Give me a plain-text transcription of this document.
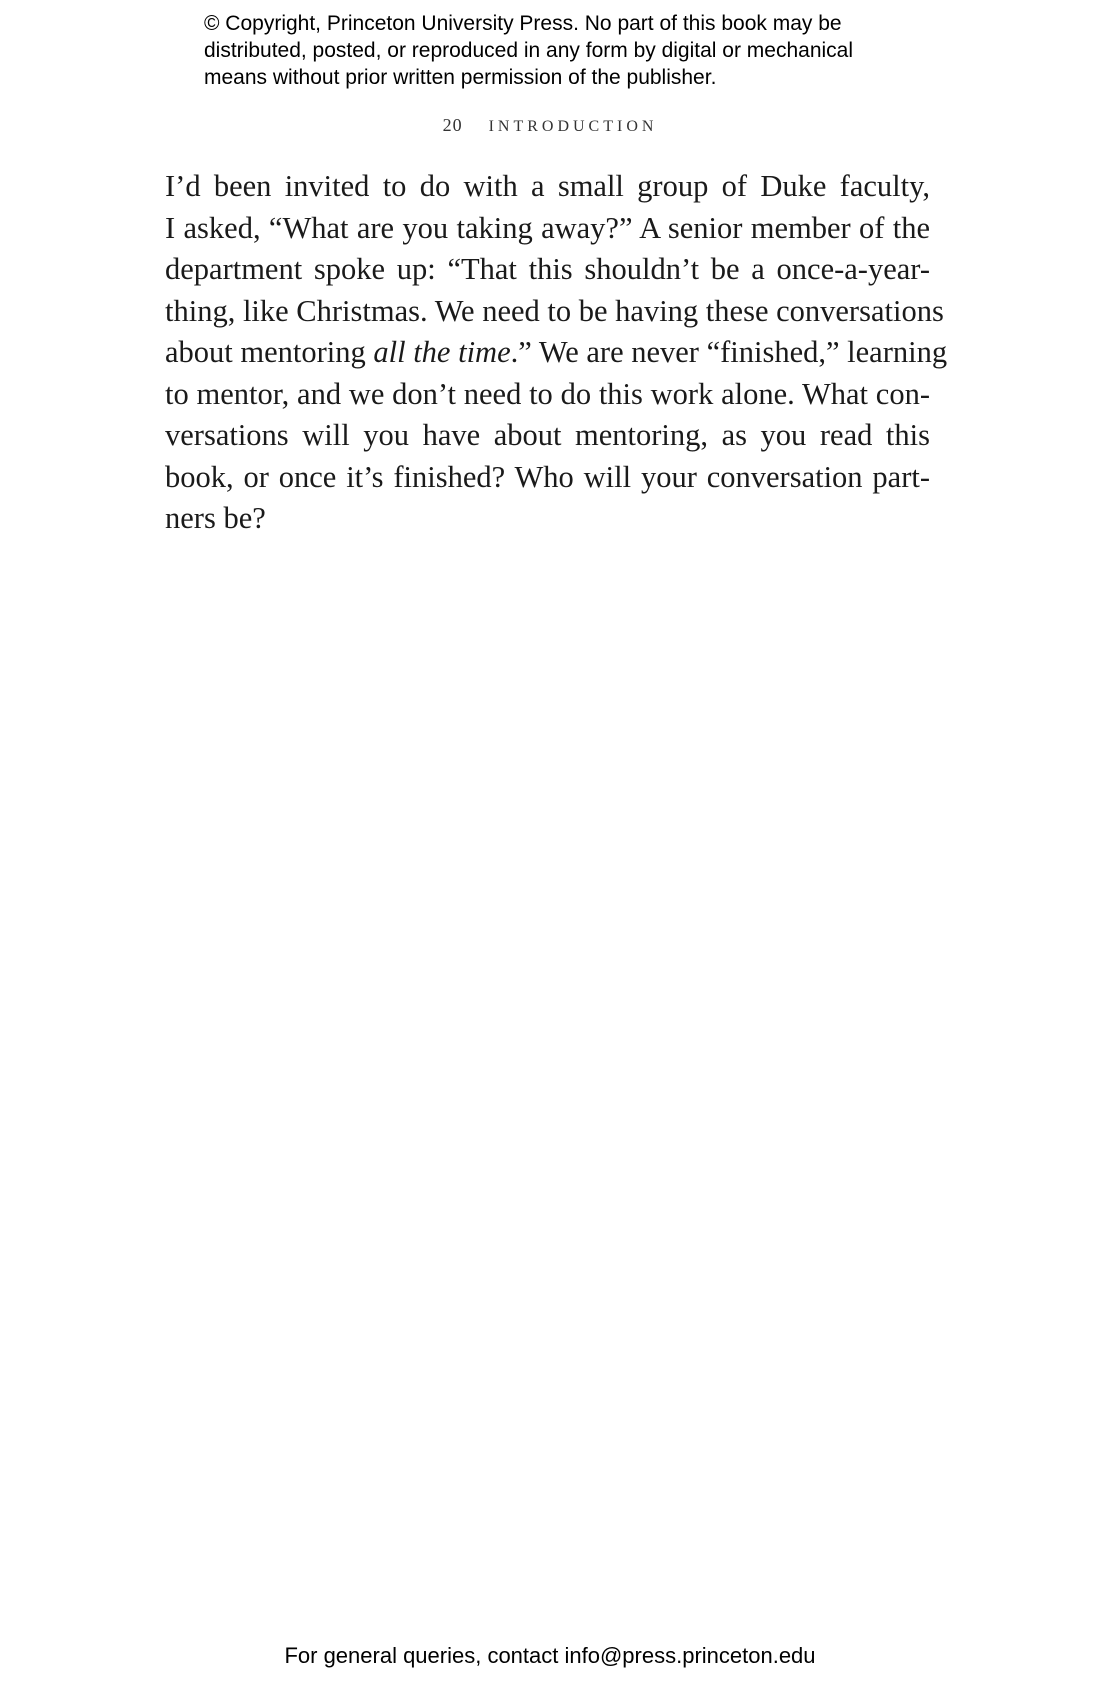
© Copyright, Princeton University Press. No part of this book may be
distributed, posted, or reproduced in any form by digital or mechanical
means without prior written permission of the publisher.
20 INTRODUCTION
I’d been invited to do with a small group of Duke faculty,
I asked, “What are you taking away?” A senior member of the
department spoke up: “That this shouldn’t be a once-a-year-
thing, like Christmas. We need to be having these conversations
about mentoring all the time.” We are never “finished,” learning
to mentor, and we don’t need to do this work alone. What con-
versations will you have about mentoring, as you read this
book, or once it’s finished? Who will your conversation part-
ners be?
For general queries, contact info@press.princeton.edu
